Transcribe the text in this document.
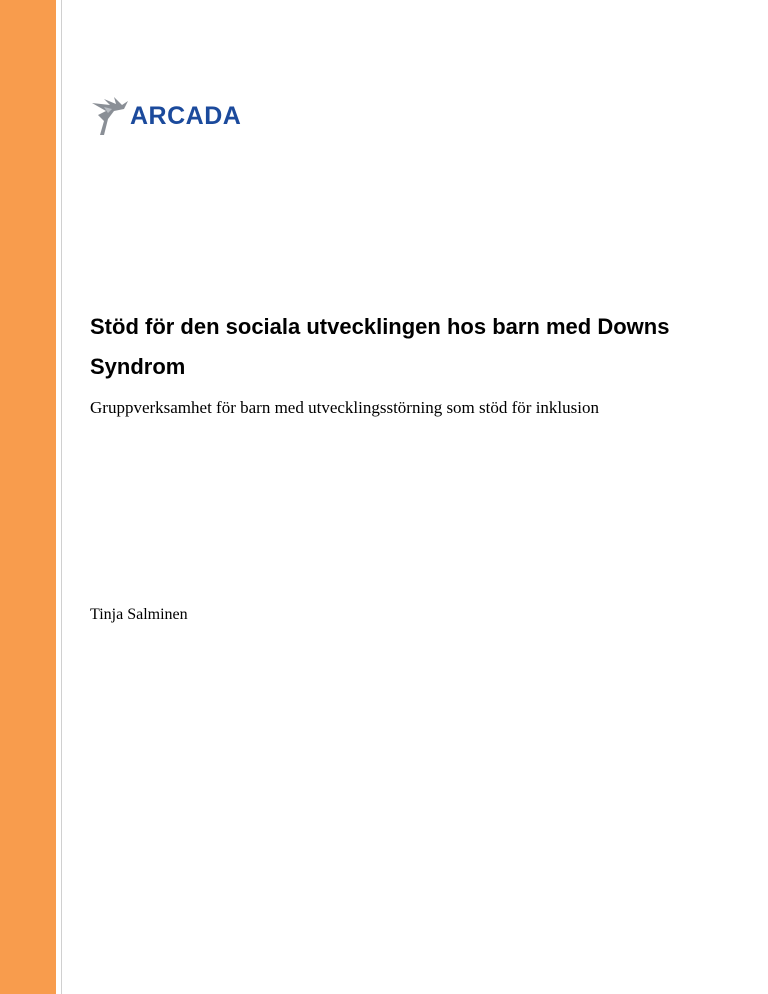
ARCADA
Stöd för den sociala utvecklingen hos barn med Downs Syndrom

Gruppverksamhet för barn med utvecklingsstörning som stöd för inklusion

Tinja Salminen
